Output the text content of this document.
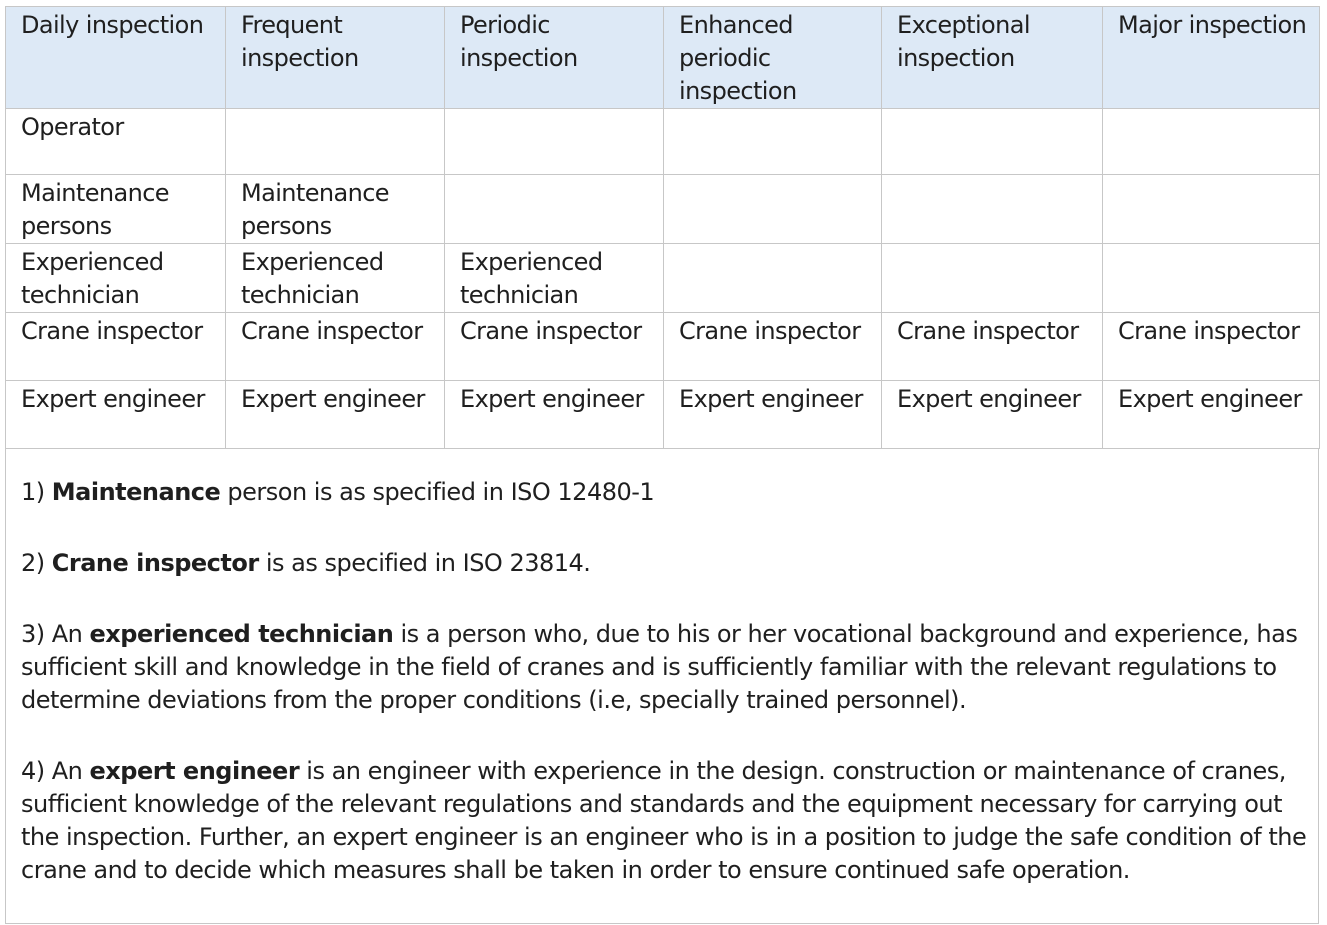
Daily inspection	Frequent inspection	Periodic inspection	Enhanced periodic inspection	Exceptional inspection	Major inspection
Operator					
Maintenance persons	Maintenance persons				
Experienced technician	Experienced technician	Experienced technician			
Crane inspector	Crane inspector	Crane inspector	Crane inspector	Crane inspector	Crane inspector
Expert engineer	Expert engineer	Expert engineer	Expert engineer	Expert engineer	Expert engineer

1) Maintenance person is as specified in ISO 12480-1

2) Crane inspector is as specified in ISO 23814.

3) An experienced technician is a person who, due to his or her vocational background and experience, has sufficient skill and knowledge in the field of cranes and is sufficiently familiar with the relevant regulations to determine deviations from the proper conditions (i.e, specially trained personnel).

4) An expert engineer is an engineer with experience in the design. construction or maintenance of cranes, sufficient knowledge of the relevant regulations and standards and the equipment necessary for carrying out the inspection. Further, an expert engineer is an engineer who is in a position to judge the safe condition of the crane and to decide which measures shall be taken in order to ensure continued safe operation.
